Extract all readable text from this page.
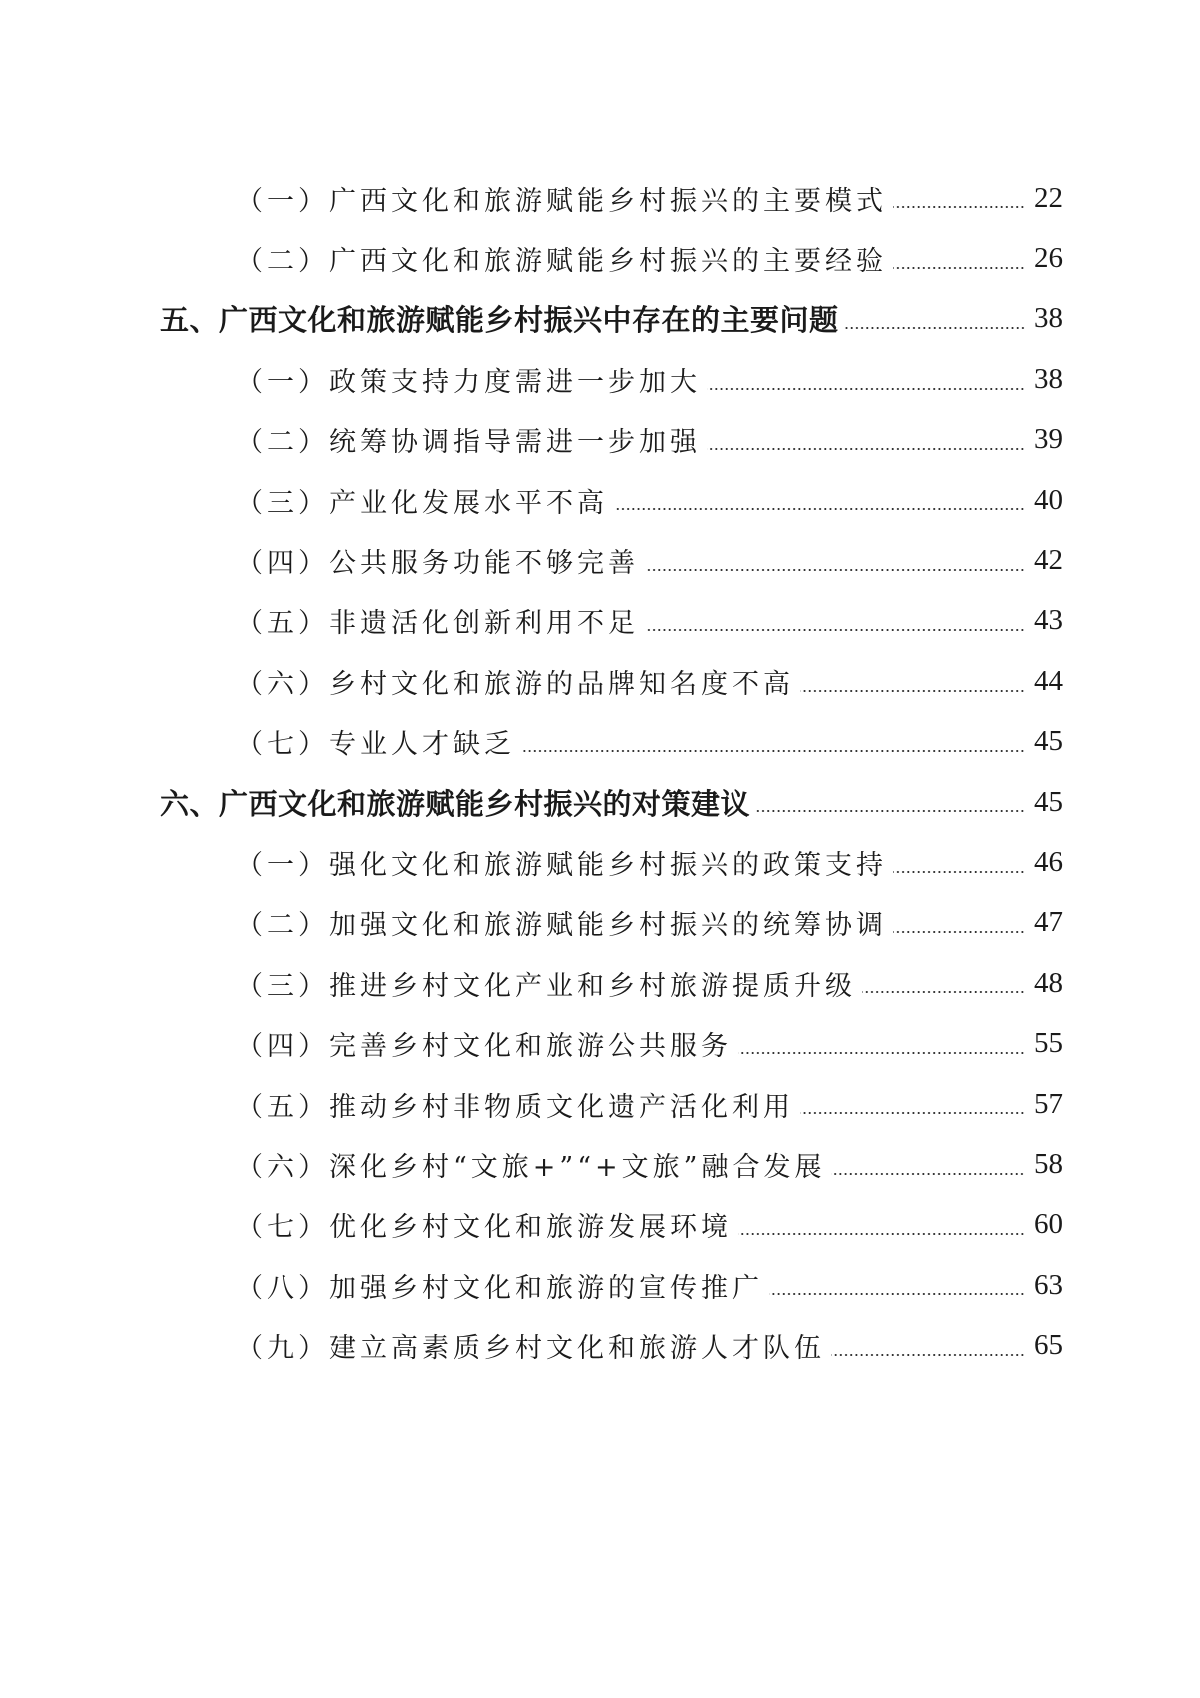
（一）广西文化和旅游赋能乡村振兴的主要模式	22
（二）广西文化和旅游赋能乡村振兴的主要经验	26
五、广西文化和旅游赋能乡村振兴中存在的主要问题	38
（一）政策支持力度需进一步加大	38
（二）统筹协调指导需进一步加强	39
（三）产业化发展水平不高	40
（四）公共服务功能不够完善	42
（五）非遗活化创新利用不足	43
（六）乡村文化和旅游的品牌知名度不高	44
（七）专业人才缺乏	45
六、广西文化和旅游赋能乡村振兴的对策建议	45
（一）强化文化和旅游赋能乡村振兴的政策支持	46
（二）加强文化和旅游赋能乡村振兴的统筹协调	47
（三）推进乡村文化产业和乡村旅游提质升级	48
（四）完善乡村文化和旅游公共服务	55
（五）推动乡村非物质文化遗产活化利用	57
（六）深化乡村“文旅+”“+文旅”融合发展	58
（七）优化乡村文化和旅游发展环境	60
（八）加强乡村文化和旅游的宣传推广	63
（九）建立高素质乡村文化和旅游人才队伍	65
